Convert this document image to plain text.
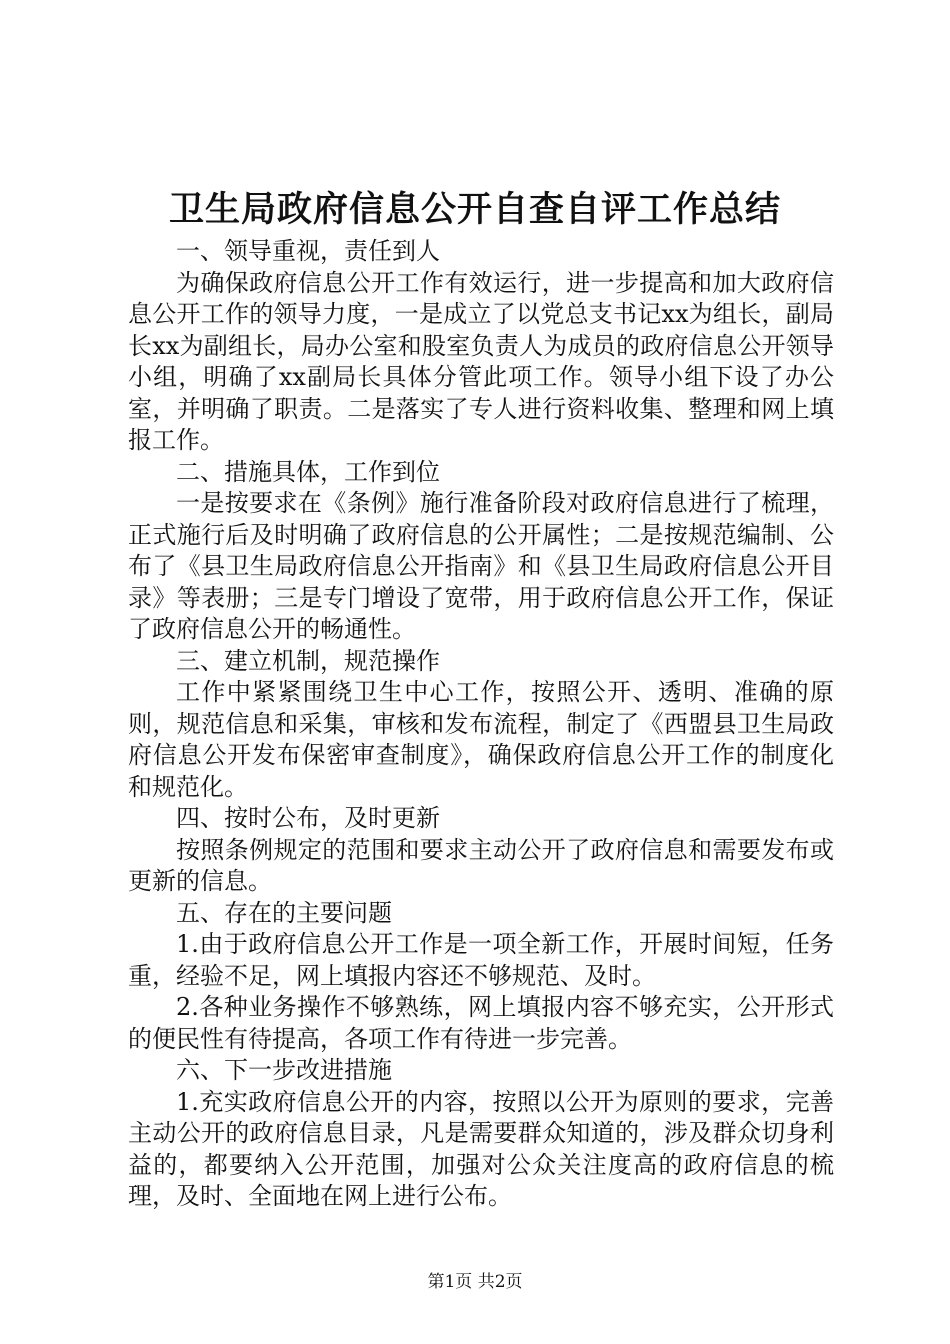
卫生局政府信息公开自查自评工作总结

一、领导重视，责任到人

为确保政府信息公开工作有效运行，进一步提高和加大政府信息公开工作的领导力度，一是成立了以党总支书记xx为组长，副局长xx为副组长，局办公室和股室负责人为成员的政府信息公开领导小组，明确了xx副局长具体分管此项工作。领导小组下设了办公室，并明确了职责。二是落实了专人进行资料收集、整理和网上填报工作。

二、措施具体，工作到位

一是按要求在《条例》施行准备阶段对政府信息进行了梳理，正式施行后及时明确了政府信息的公开属性；二是按规范编制、公布了《县卫生局政府信息公开指南》和《县卫生局政府信息公开目录》等表册；三是专门增设了宽带，用于政府信息公开工作，保证了政府信息公开的畅通性。

三、建立机制，规范操作

工作中紧紧围绕卫生中心工作，按照公开、透明、准确的原则，规范信息和采集，审核和发布流程，制定了《西盟县卫生局政府信息公开发布保密审查制度》，确保政府信息公开工作的制度化和规范化。

四、按时公布，及时更新

按照条例规定的范围和要求主动公开了政府信息和需要发布或更新的信息。

五、存在的主要问题

1.由于政府信息公开工作是一项全新工作，开展时间短，任务重，经验不足，网上填报内容还不够规范、及时。

2.各种业务操作不够熟练，网上填报内容不够充实，公开形式的便民性有待提高，各项工作有待进一步完善。

六、下一步改进措施

1.充实政府信息公开的内容，按照以公开为原则的要求，完善主动公开的政府信息目录，凡是需要群众知道的，涉及群众切身利益的，都要纳入公开范围，加强对公众关注度高的政府信息的梳理，及时、全面地在网上进行公布。

第1页 共2页
